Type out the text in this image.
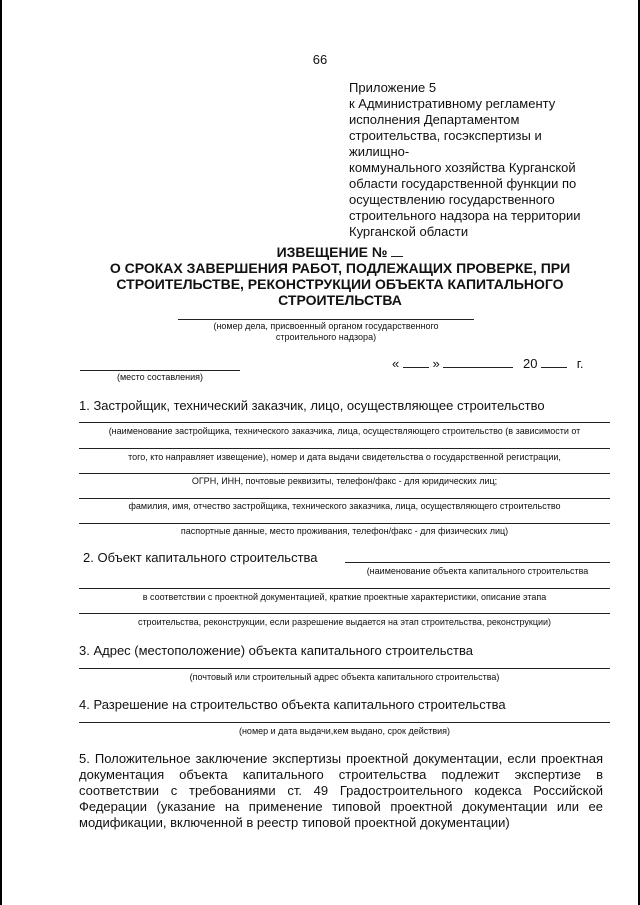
66
Приложение 5
к Административному регламенту
исполнения Департаментом
строительства, госэкспертизы и жилищно-
коммунального хозяйства Курганской
области государственной функции по
осуществлению государственного
строительного надзора на территории
Курганской области
ИЗВЕЩЕНИЕ №
О СРОКАХ ЗАВЕРШЕНИЯ РАБОТ, ПОДЛЕЖАЩИХ ПРОВЕРКЕ, ПРИ
СТРОИТЕЛЬСТВЕ, РЕКОНСТРУКЦИИ ОБЪЕКТА КАПИТАЛЬНОГО
СТРОИТЕЛЬСТВА
(номер дела, присвоенный органом государственного
строительного надзора)
(место составления)
«	»	20	г.
1. Застройщик, технический заказчик, лицо, осуществляющее строительство
(наименование застройщика, технического заказчика, лица, осуществляющего строительство (в зависимости от
того, кто направляет извещение), номер и дата выдачи свидетельства о государственной регистрации,
ОГРН, ИНН, почтовые реквизиты, телефон/факс - для юридических лиц;
фамилия, имя, отчество застройщика, технического заказчика, лица, осуществляющего строительство
паспортные данные, место проживания, телефон/факс - для физических лиц)
2. Объект капитального строительства
(наименование объекта капитального строительства
в соответствии с проектной документацией, краткие проектные характеристики, описание этапа
строительства, реконструкции, если разрешение выдается на этап строительства, реконструкции)
3. Адрес (местоположение) объекта капитального строительства
(почтовый или строительный адрес объекта капитального строительства)
4. Разрешение на строительство объекта капитального строительства
(номер и дата выдачи,кем выдано, срок действия)
5. Положительное заключение экспертизы проектной документации, если проектная документация объекта капитального строительства подлежит экспертизе в соответствии с требованиями ст. 49 Градостроительного кодекса Российской Федерации (указание на применение типовой проектной документации или ее модификации, включенной в реестр типовой проектной документации)
